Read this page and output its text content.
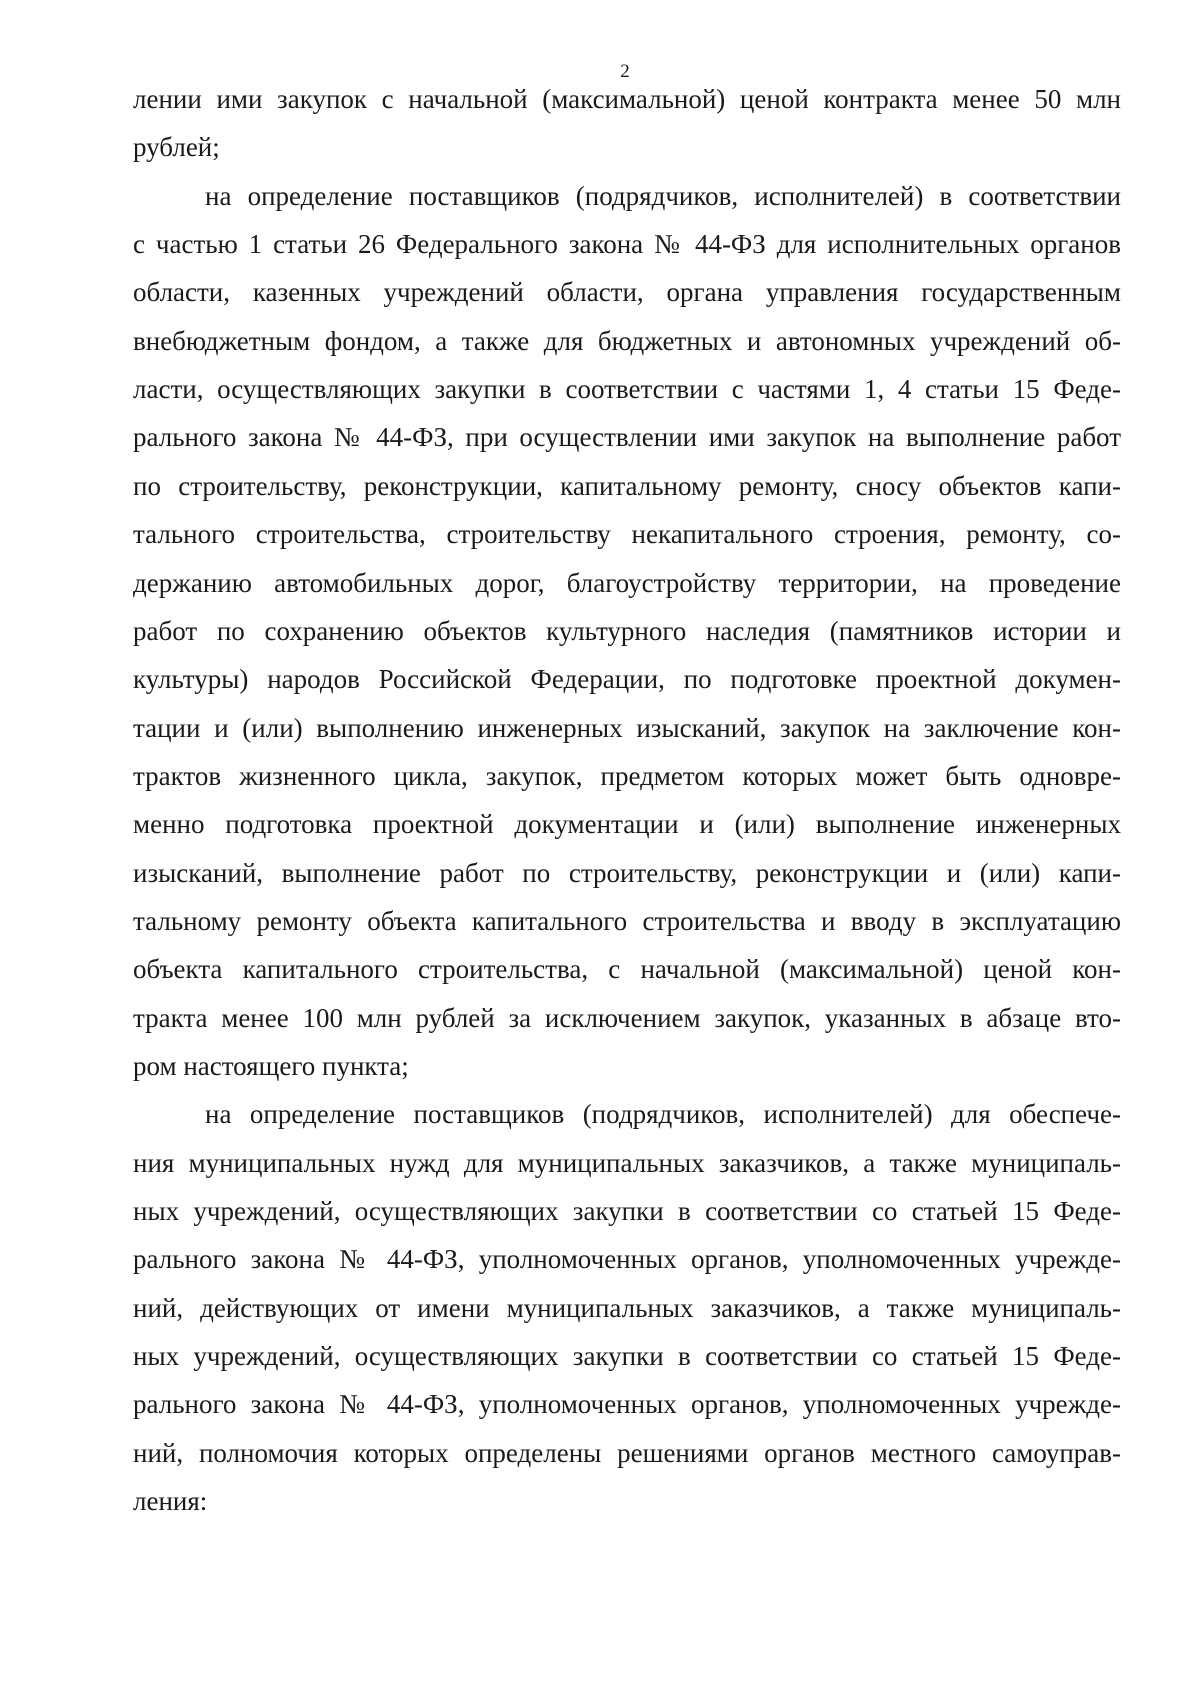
2
лении ими закупок с начальной (максимальной) ценой контракта менее 50 млн
рублей;
на определение поставщиков (подрядчиков, исполнителей) в соответствии
с частью 1 статьи 26 Федерального закона № 44-ФЗ для исполнительных органов
области, казенных учреждений области, органа управления государственным
внебюджетным фондом, а также для бюджетных и автономных учреждений об-
ласти, осуществляющих закупки в соответствии с частями 1, 4 статьи 15 Феде-
рального закона № 44-ФЗ, при осуществлении ими закупок на выполнение работ
по строительству, реконструкции, капитальному ремонту, сносу объектов капи-
тального строительства, строительству некапитального строения, ремонту, со-
держанию автомобильных дорог, благоустройству территории, на проведение
работ по сохранению объектов культурного наследия (памятников истории и
культуры) народов Российской Федерации, по подготовке проектной докумен-
тации и (или) выполнению инженерных изысканий, закупок на заключение кон-
трактов жизненного цикла, закупок, предметом которых может быть одновре-
менно подготовка проектной документации и (или) выполнение инженерных
изысканий, выполнение работ по строительству, реконструкции и (или) капи-
тальному ремонту объекта капитального строительства и вводу в эксплуатацию
объекта капитального строительства, с начальной (максимальной) ценой кон-
тракта менее 100 млн рублей за исключением закупок, указанных в абзаце вто-
ром настоящего пункта;
на определение поставщиков (подрядчиков, исполнителей) для обеспече-
ния муниципальных нужд для муниципальных заказчиков, а также муниципаль-
ных учреждений, осуществляющих закупки в соответствии со статьей 15 Феде-
рального закона № 44-ФЗ, уполномоченных органов, уполномоченных учрежде-
ний, действующих от имени муниципальных заказчиков, а также муниципаль-
ных учреждений, осуществляющих закупки в соответствии со статьей 15 Феде-
рального закона № 44-ФЗ, уполномоченных органов, уполномоченных учрежде-
ний, полномочия которых определены решениями органов местного самоуправ-
ления:
